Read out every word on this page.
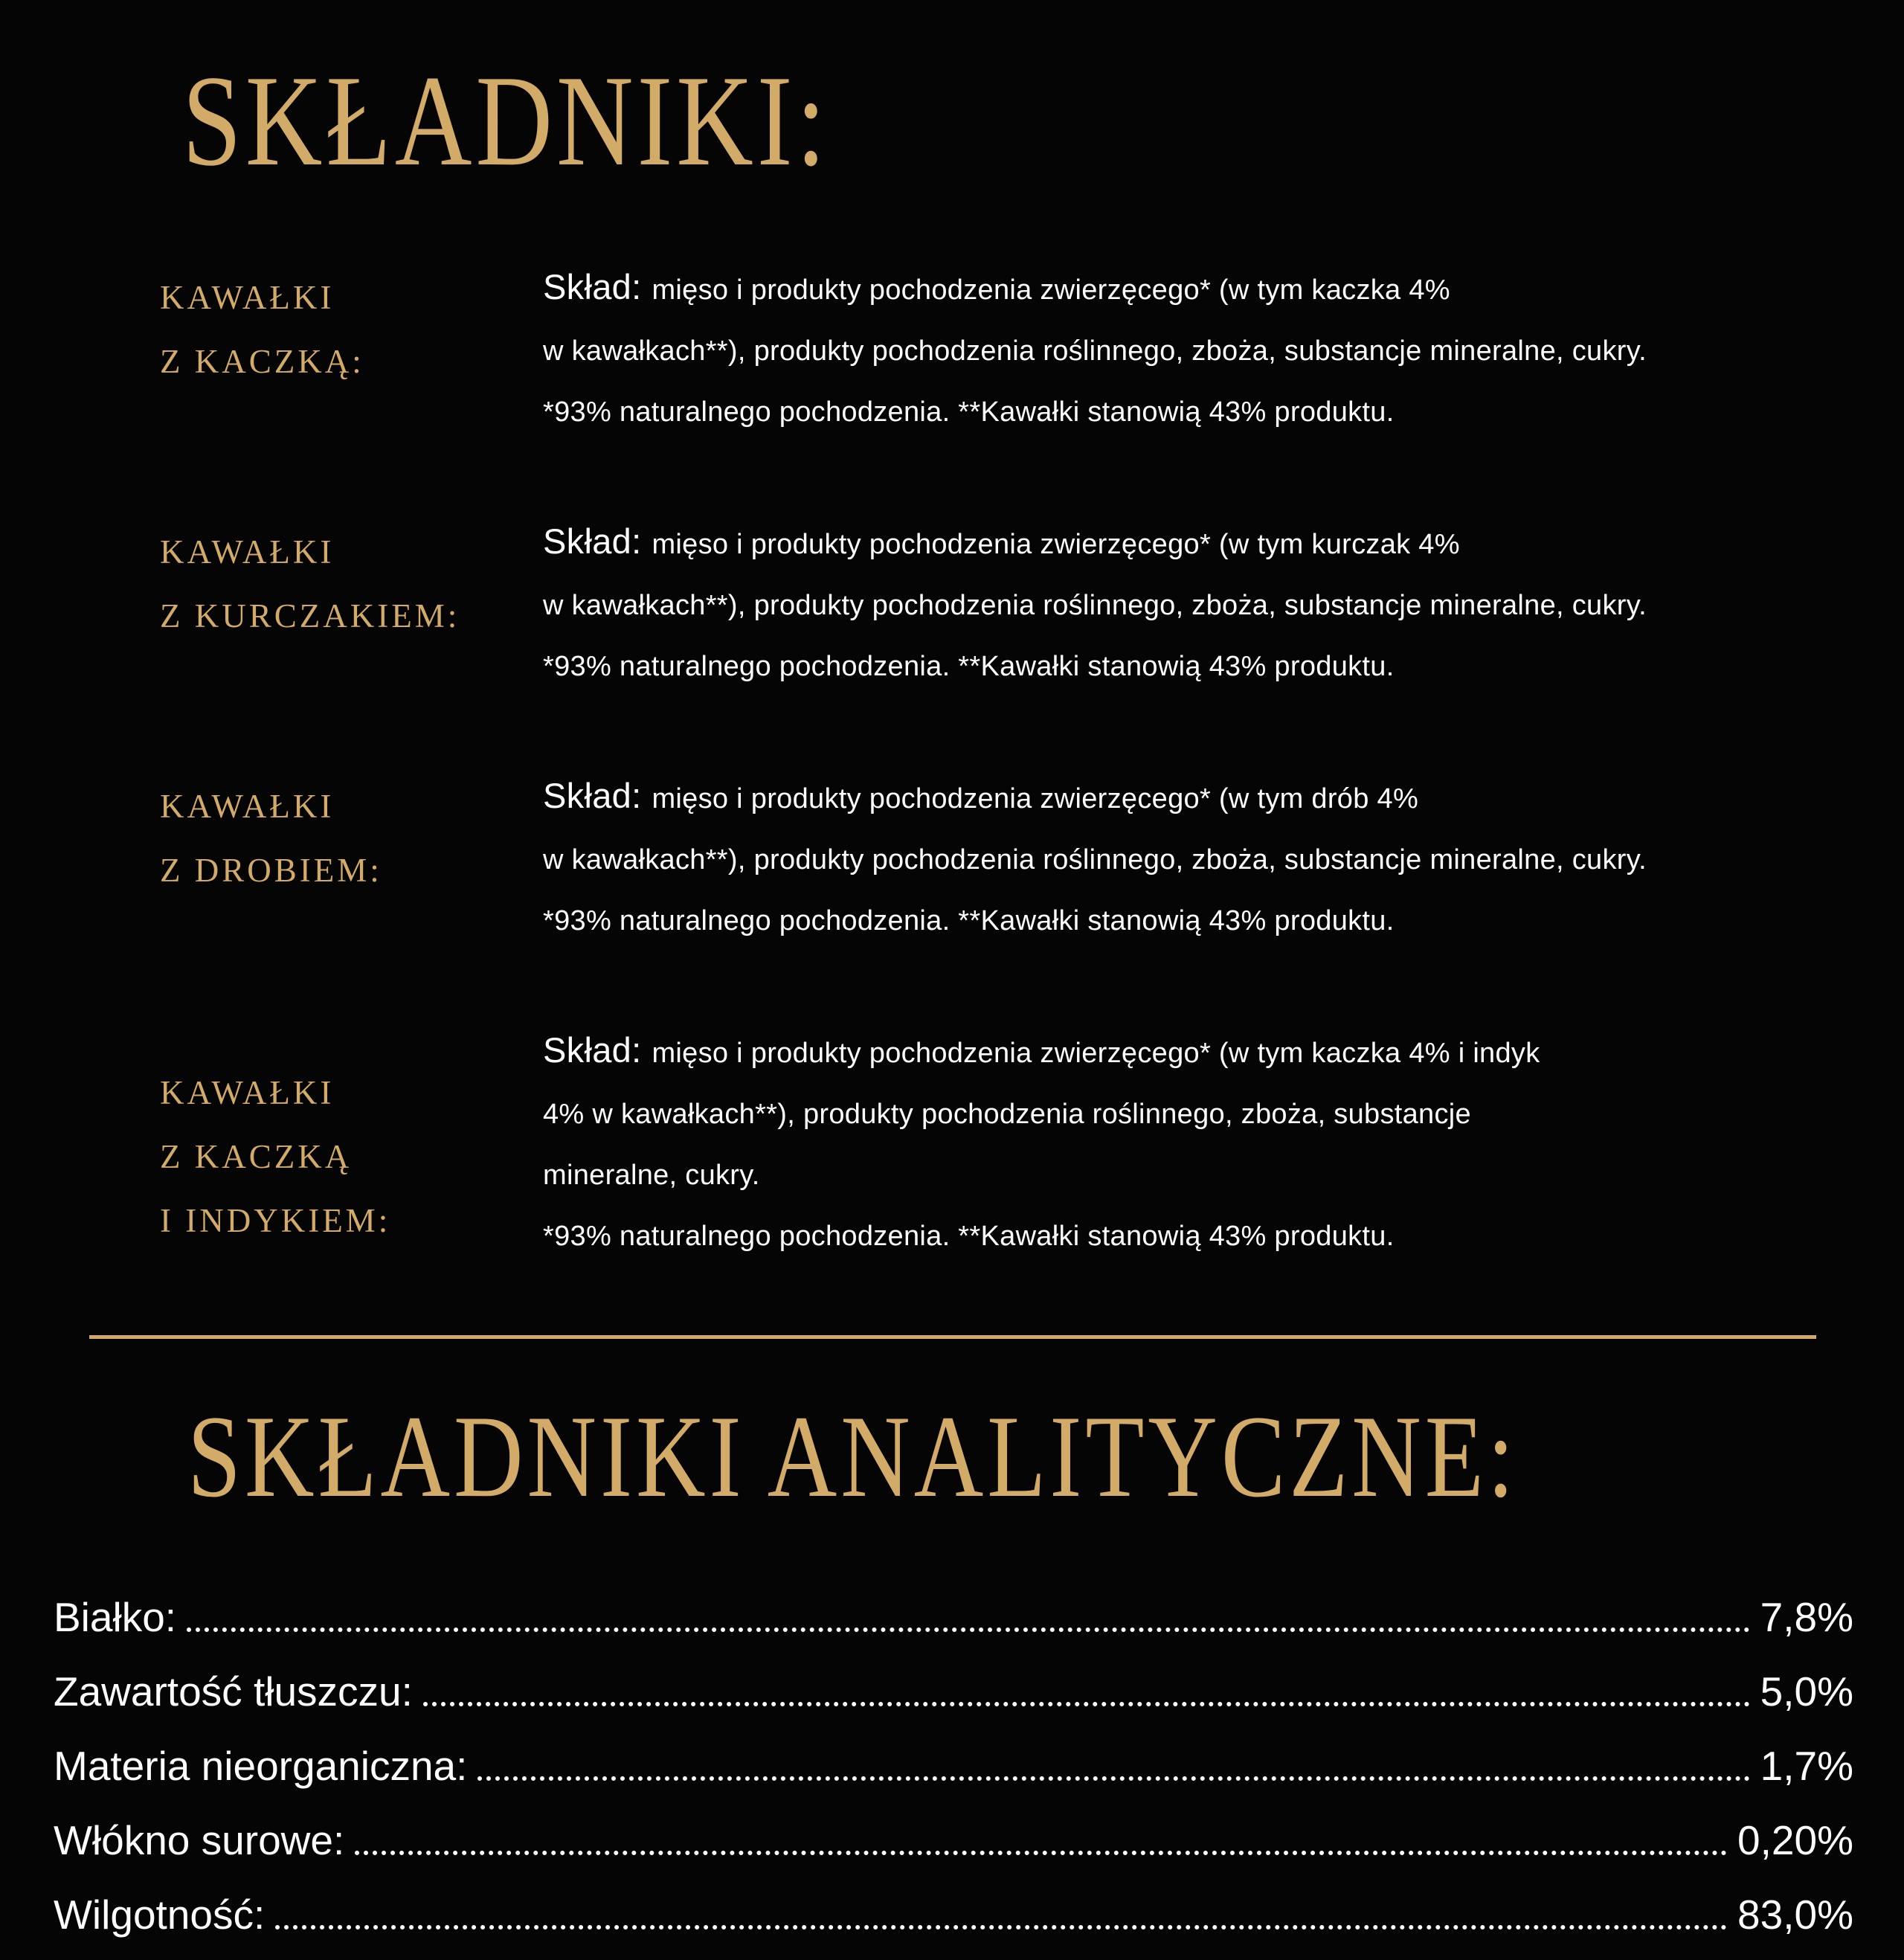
SKŁADNIKI:
KAWAŁKI
Z KACZKĄ:
Skład: mięso i produkty pochodzenia zwierzęcego* (w tym kaczka 4%
w kawałkach**), produkty pochodzenia roślinnego, zboża, substancje mineralne, cukry.
*93% naturalnego pochodzenia. **Kawałki stanowią 43% produktu.
KAWAŁKI
Z KURCZAKIEM:
Skład: mięso i produkty pochodzenia zwierzęcego* (w tym kurczak 4%
w kawałkach**), produkty pochodzenia roślinnego, zboża, substancje mineralne, cukry.
*93% naturalnego pochodzenia. **Kawałki stanowią 43% produktu.
KAWAŁKI
Z DROBIEM:
Skład: mięso i produkty pochodzenia zwierzęcego* (w tym drób 4%
w kawałkach**), produkty pochodzenia roślinnego, zboża, substancje mineralne, cukry.
*93% naturalnego pochodzenia. **Kawałki stanowią 43% produktu.
KAWAŁKI
Z KACZKĄ
I INDYKIEM:
Skład: mięso i produkty pochodzenia zwierzęcego* (w tym kaczka 4% i indyk
4% w kawałkach**), produkty pochodzenia roślinnego, zboża, substancje
mineralne, cukry.
*93% naturalnego pochodzenia. **Kawałki stanowią 43% produktu.
SKŁADNIKI ANALITYCZNE:
Białko:	7,8%
Zawartość tłuszczu:	5,0%
Materia nieorganiczna:	1,7%
Włókno surowe:	0,20%
Wilgotność:	83,0%
